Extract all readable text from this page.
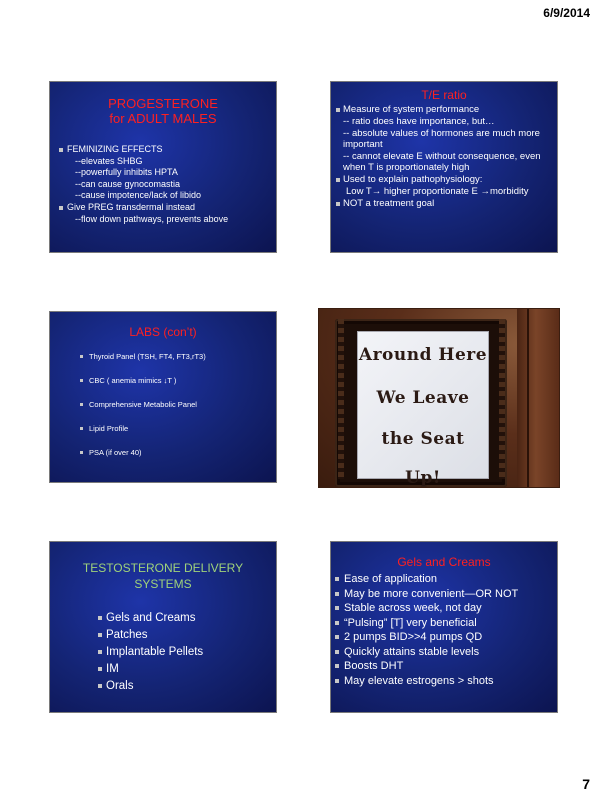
6/9/2014
PROGESTERONE
for ADULT MALES
FEMINIZING EFFECTS
--elevates SHBG
--powerfully inhibits HPTA
--can cause gynocomastia
--cause impotence/lack of libido
Give PREG transdermal instead
--flow down pathways, prevents above
T/E ratio
Measure of system performance
-- ratio does have importance, but…
-- absolute values of hormones are much more important
-- cannot elevate E without consequence, even when T is proportionately high
Used to explain pathophysiology:
Low T→ higher proportionate E →morbidity
NOT a treatment goal
LABS (con’t)
Thyroid Panel (TSH, FT4, FT3,rT3)
CBC ( anemia mimics ↓T )
Comprehensive Metabolic Panel
Lipid Profile
PSA (if over 40)

Around Here

We Leave

the Seat

Up!

TESTOSTERONE DELIVERY
SYSTEMS
Gels and Creams
Patches
Implantable Pellets
IM
Orals
Gels and Creams
Ease of application
May be more convenient—OR NOT
Stable across week, not day
“Pulsing” [T] very beneficial
2 pumps BID>>4 pumps QD
Quickly attains stable levels
Boosts DHT
May elevate estrogens > shots
7
